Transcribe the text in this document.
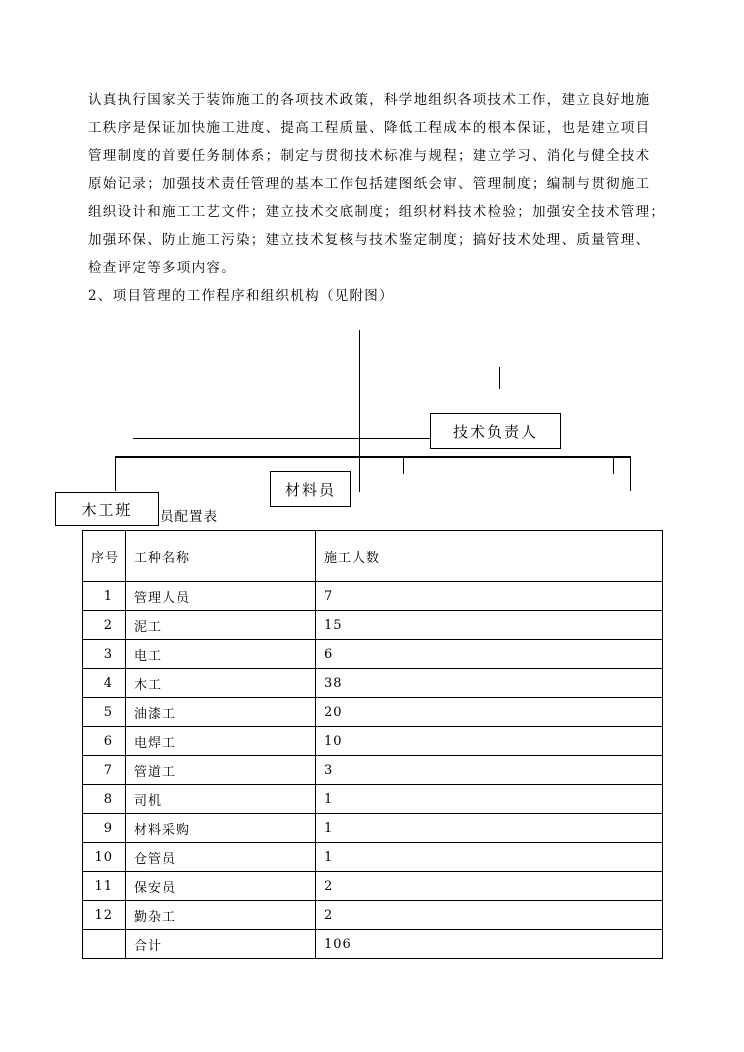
认真执行国家关于装饰施工的各项技术政策，科学地组织各项技术工作，建立良好地施
工秩序是保证加快施工进度、提高工程质量、降低工程成本的根本保证，也是建立项目
管理制度的首要任务制体系；制定与贯彻技术标准与规程；建立学习、消化与健全技术
原始记录；加强技术责任管理的基本工作包括建图纸会审、管理制度；编制与贯彻施工
组织设计和施工工艺文件；建立技术交底制度；组织材料技术检验；加强安全技术管理；
加强环保、防止施工污染；建立技术复核与技术鉴定制度；搞好技术处理、质量管理、
检查评定等多项内容。
2、项目管理的工作程序和组织机构（见附图）
技术负责人
材料员
木工班	员配置表
序号	工种名称	施工人数
1	管理人员	7
2	泥工	15
3	电工	6
4	木工	38
5	油漆工	20
6	电焊工	10
7	管道工	3
8	司机	1
9	材料采购	1
10	仓管员	1
11	保安员	2
12	勤杂工	2
	合计	106
